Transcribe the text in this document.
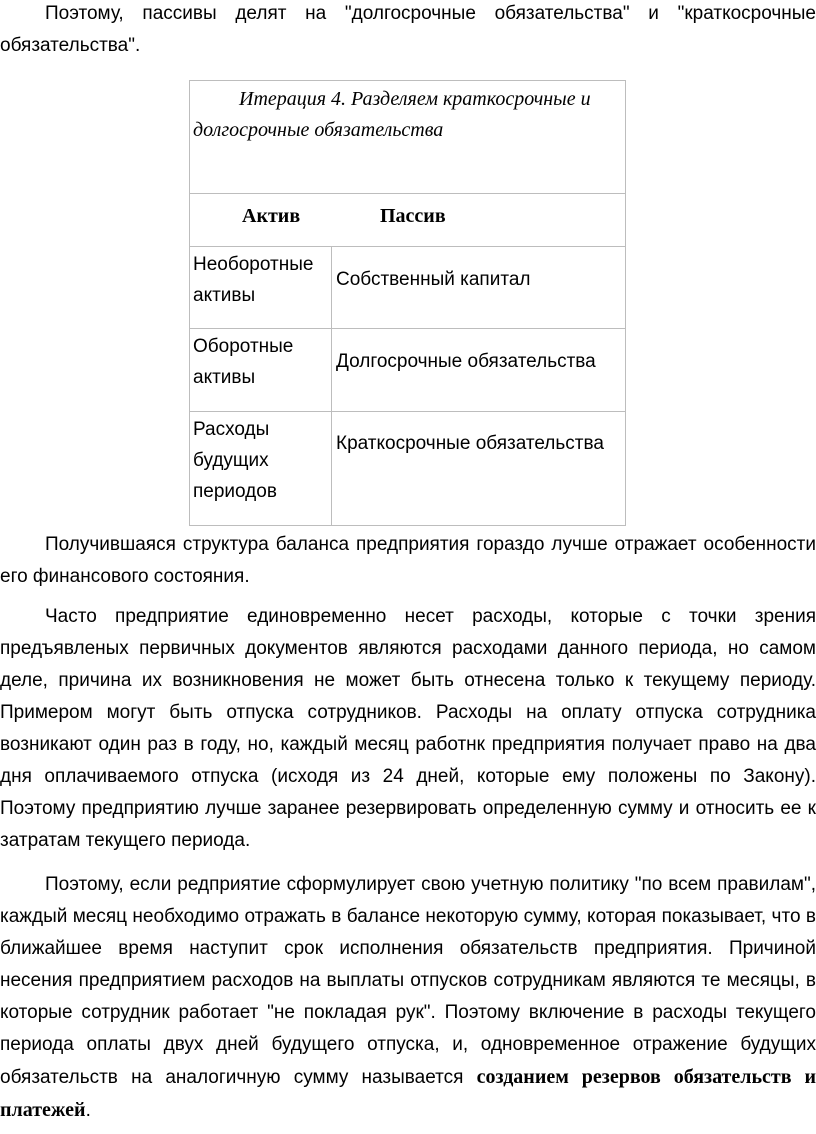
Поэтому, пассивы делят на "долгосрочные обязательства" и "краткосрочные обязательства".

Итерация 4. Разделяем краткосрочные и долгосрочные обязательства
Актив	Пассив
Необоротные активы
Собственный капитал
Оборотные активы
Долгосрочные обязательства
Расходы будущих периодов
Краткосрочные обязательства

Получившаяся структура баланса предприятия гораздо лучше отражает особенности его финансового состояния.

Часто предприятие единовременно несет расходы, которые с точки зрения предъявленых первичных документов являются расходами данного периода, но самом деле, причина их возникновения не может быть отнесена только к текущему периоду. Примером могут быть отпуска сотрудников. Расходы на оплату отпуска сотрудника возникают один раз в году, но, каждый месяц работнк предприятия получает право на два дня оплачиваемого отпуска (исходя из 24 дней, которые ему положены по Закону). Поэтому предприятию лучше заранее резервировать определенную сумму и относить ее к затратам текущего периода.

Поэтому, если редприятие сформулирует свою учетную политику "по всем правилам", каждый месяц необходимо отражать в балансе некоторую сумму, которая показывает, что в ближайшее время наступит срок исполнения обязательств предприятия. Причиной несения предприятием расходов на выплаты отпусков сотрудникам являются те месяцы, в которые сотрудник работает "не покладая рук". Поэтому включение в расходы текущего периода оплаты двух дней будущего отпуска, и, одновременное отражение будущих обязательств на аналогичную сумму называется созданием резервов обязательств и платежей.
